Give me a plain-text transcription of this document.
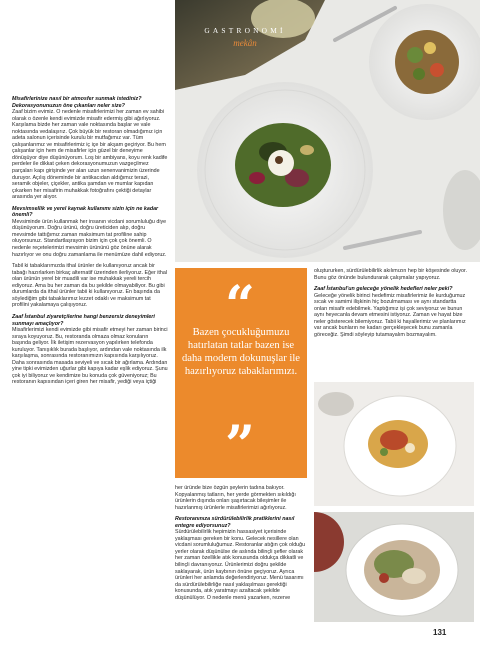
GASTRONOMİ
mekân

Misafirlerinize nasıl bir atmosfer sunmak istediniz? Dekorasyonunuzun öne çıkanları neler size?

Zaaf bizim evimiz. O nedenle misafirlerimizi her zaman ev sahibi olarak o özenle kendi evimizde misafir edermiş gibi ağırlıyoruz. Karşılama bizde her zaman vale noktasında başlar ve vale noktasında vedalaşırız. Çok büyük bir restoran olmadığımız için adeta salonun içerisinde kurulu bir mutfağımız var. Tüm çalışanlarımız ve misafirlerimiz iç içe bir akşam geçiriyor. Bu hem çalışanlar için hem de misafirler için güzel bir deneyime dönüşüyor diye düşünüyorum. Loş bir ambiyans, koyu renk kadife perdeler ile dikkat çeken dekorasyonumuzun vazgeçilmez parçaları kapı girişinde yer alan uzun senenvanimizin üzerinde duruyor. Açılış döneminde bir antikacıdan aldığımız terazi, seramik objeler, çiçekler, antika şamdan ve mumlar kapıdan çıkarken her misafirin muhakkak fotoğrafını çektiği detaylar arasında yer alıyor.

Mevsimsellik ve yerel kaynak kullanımı sizin için ne kadar önemli?

Mevsiminde ürün kullanmak her insanın vicdani sorumluluğu diye düşünüyorum. Doğru ürünü, doğru üreticiden alıp, doğru mevsimde tattığımız zaman maksimum tat profiline sahip oluyorsunuz. Standartlaşrayon bizim için çok çok önemli. O nedenle reçetelerimizi mevsimin ürününü göz önüne alarak hazırlıyor ve onu doğru zamanlama ile menümüze dahil ediyoruz.

Tabil ki tabaklarımızda ithal ürünler de kullanıyoruz ancak bir tabağı hazırlarken birkaç alternatif üzerinden ilerliyoruz. Eğer ithal olan ürünün yerel bir muadili var ise muhakkak yereli tercih ediyoruz. Ama bu her zaman da bu şekilde olmayabiliyor. Bu gibi durumlarda da ithal ürünler tabii ki kullanıyoruz. En başında da söylediğim gibi tabaklarımız lezzet odaklı ve maksimum tat profilini yakalamaya çalışıyoruz.

Zaaf İstanbul ziyaretçilerine hangi benzersiz deneyimleri sunmayı amaçlıyor?

Misafirlerimizi kendi evimizde gibi misafir etmeyi her zaman birinci sıraya koyuyoruz. Bu, restoranda olmaza olmaz konuların başında geliyor. İlk iletişim rezervasyon yapılırken telefonda kuruluyor. Tanışıklık burada başlıyor, ardından vale noktasında ilk karşılaşma, sonrasında restoranımızın kapısında karşılıyoruz. Daha sonrasında masada seviyeli ve sıcak bir ağırlama. Ardından yine tipki evimizden uğurlar gibi kapıya kadar eşlik ediyoruz. Şunu çok iyi biliyoruz ve kendimize bu konuda çok güveniyoruz; Bu restoranın kapısından içeri giren her misafir, yediği veya içtiği

“
Bazen çocukluğumuzu hatırlatan tatlar bazen ise daha modern dokunuşlar ile hazırlıyoruz tabaklarımızı.
”

her üründe bize özgün şeylerin tadına bakıyor. Kopyalanmış tatların, her yerde görmekten sıkıldığı ürünlerin dışında onları şaşırtacak bileşimler ile hazırlanmış ürünlerle misafirlerimizi ağırlıyoruz.

Restoranınıza sürdürülebilirlik pratiklerini nasıl entegre ediyorsunuz?

Sürdürülebilirlik hepimizin hassasiyet içerisinde yaklaşması gereken bir konu. Gelecek nesillere olan vicdani sorumluluğumuz. Restoranlar atığın çok olduğu yerler olarak düşünülse de aslında bilinçli şefler olarak her zaman özellikle atık konusunda oldukça dikkatli ve bilinçli davranıyoruz. Ürünlerimizi doğru şekilde saklayarak, ürün kaybının önüne geçiyoruz. Ayrıca ürünleri her anlamda değerlendiriyoruz. Menü tasarımı da sürdürülebilirliğe nasıl yaklaşılması gerektiği konusunda, atık yaratmayı azaltacak şekilde düşünülüyor. O nedenle menü yazarken, rezerve

oluştururken, sürdürülebilirlik akılımızın hep bir köşesinde oluyor. Bunu göz önünde bulundurarak çalışmalar yapıyoruz.

Zaaf İstanbul'un geleceğe yönelik hedefleri neler peki?

Geleceğe yönelik birinci hedefimiz misafirlerimiz ile kurduğumuz sıcak ve samimi ilişkinin hiç bozulmaması ve aynı standartta onları misafir edebilmek. Yaptığımız işi çok seviyoruz ve bunun aynı heyecanla devam etmesini istiyoruz. Zaman ve hayat bize neler gösterecek bilemiyoruz. Tabii ki hayallerimiz ve planlarımız var ancak bunların ne kadarı gerçekleşecek bunu zamanla göreceğiz. Şimdi söyleyip tutamayalım bozmayalım.

131
